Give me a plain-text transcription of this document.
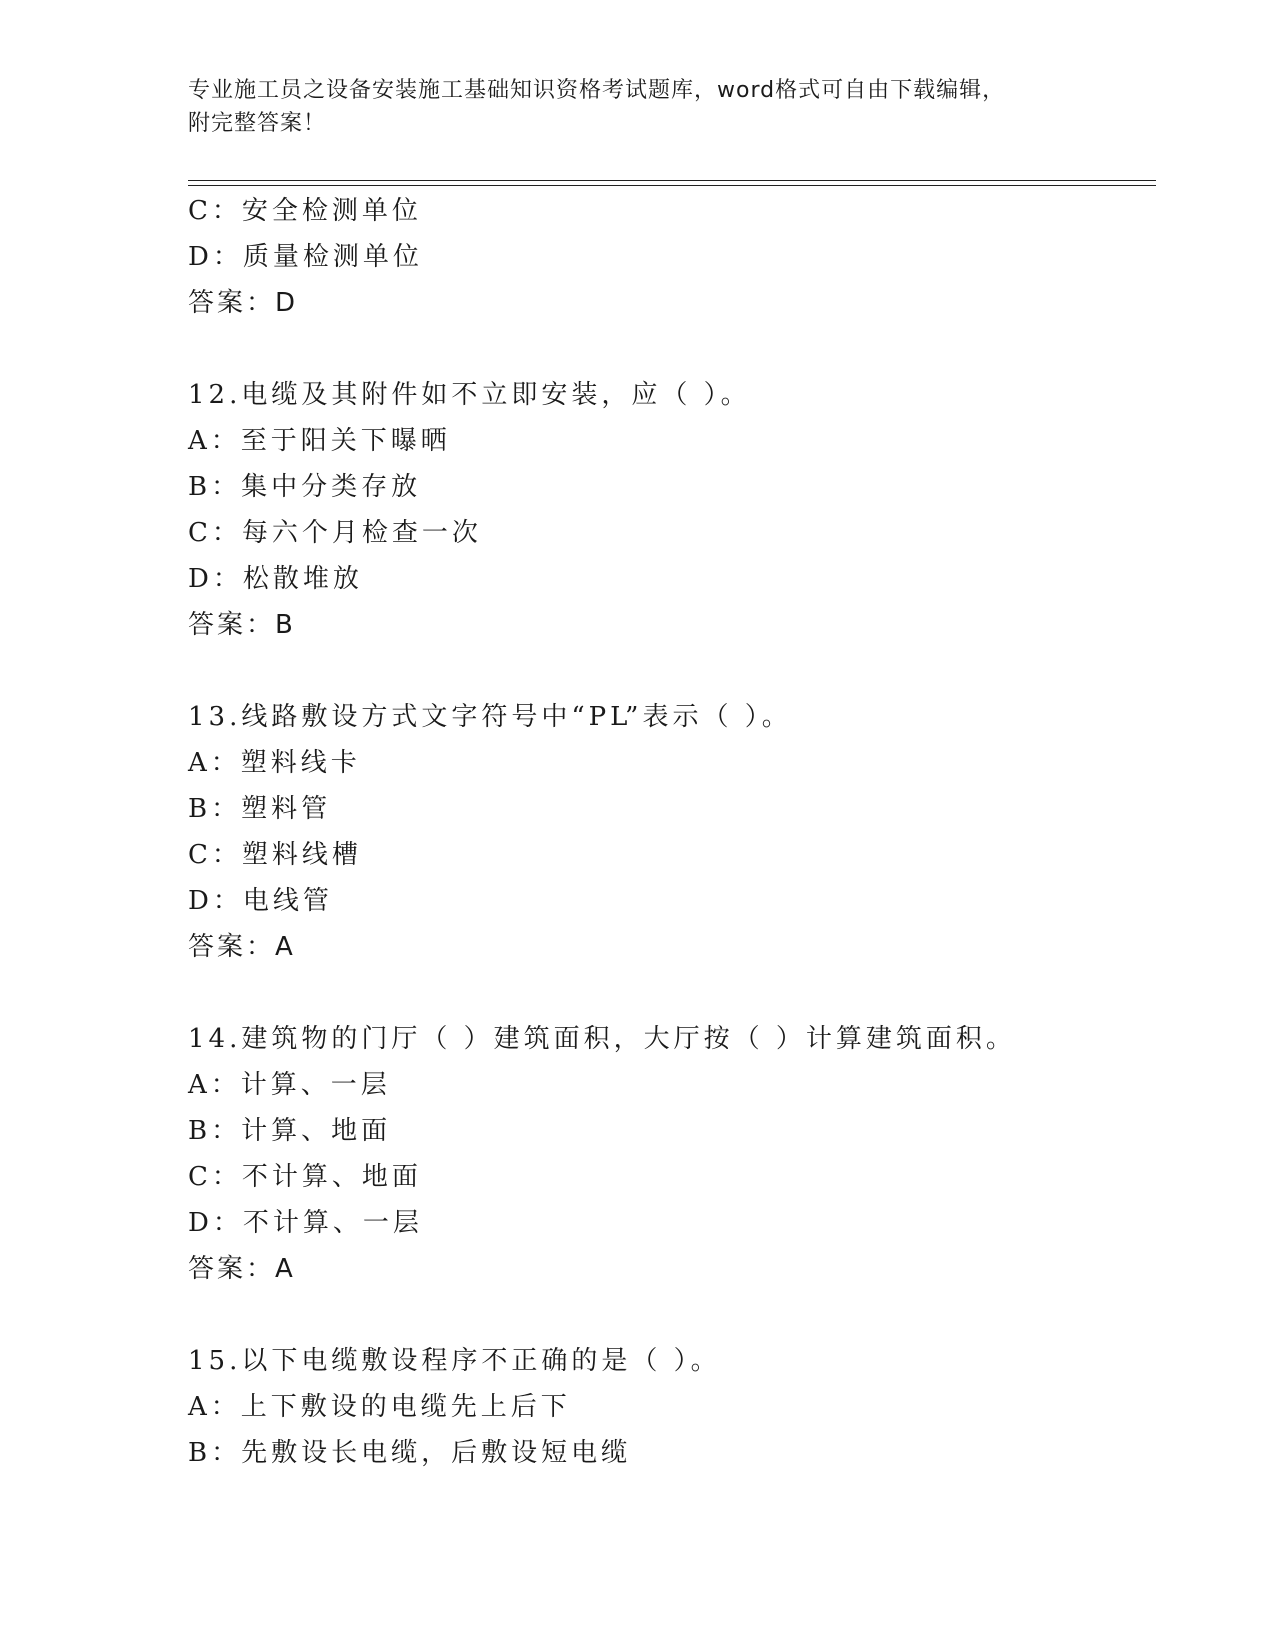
专业施工员之设备安装施工基础知识资格考试题库，word格式可自由下载编辑，
附完整答案！
C：安全检测单位
D：质量检测单位
答案：D
12.电缆及其附件如不立即安装，应（ ）。
A：至于阳关下曝晒
B：集中分类存放
C：每六个月检查一次
D：松散堆放
答案：B
13.线路敷设方式文字符号中“PL”表示（ ）。
A：塑料线卡
B：塑料管
C：塑料线槽
D：电线管
答案：A
14.建筑物的门厅（ ）建筑面积，大厅按（ ）计算建筑面积。
A：计算、一层
B：计算、地面
C：不计算、地面
D：不计算、一层
答案：A
15.以下电缆敷设程序不正确的是（ ）。
A：上下敷设的电缆先上后下
B：先敷设长电缆，后敷设短电缆
